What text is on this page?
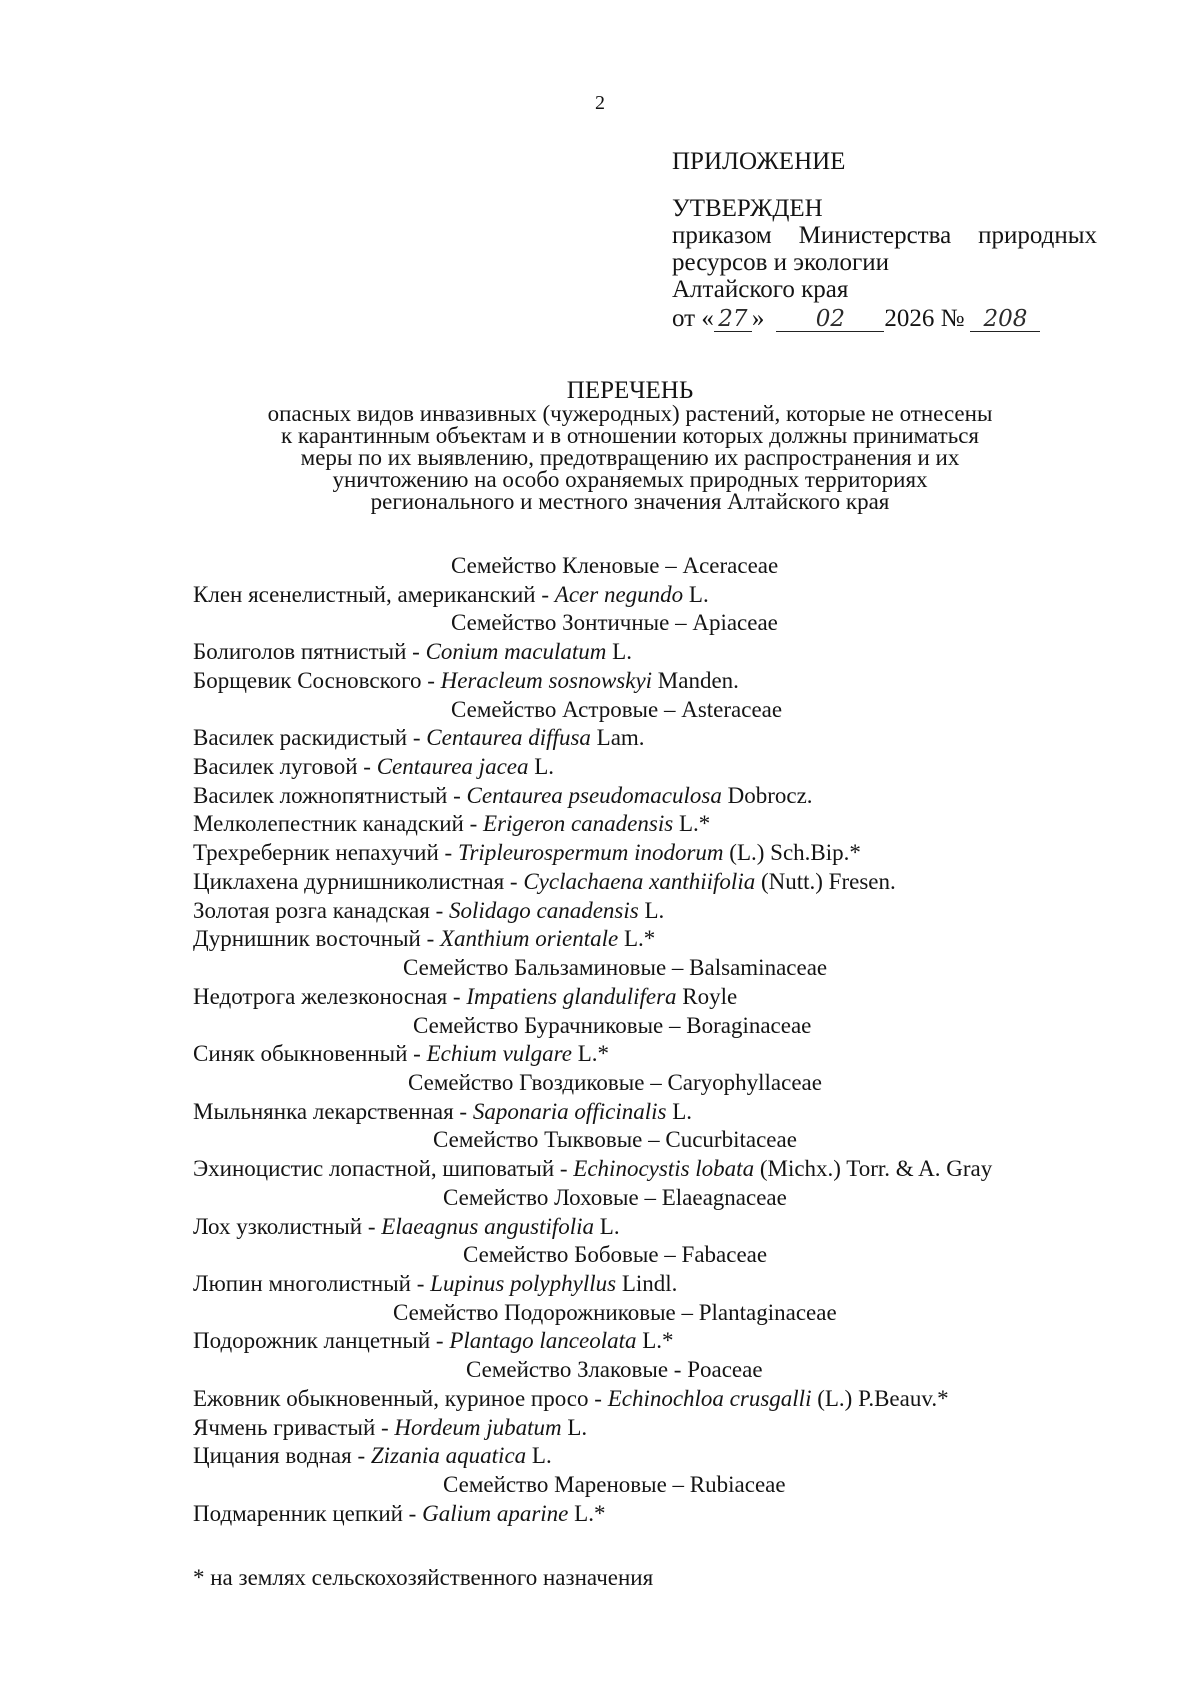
2
ПРИЛОЖЕНИЕ
УТВЕРЖДЕН
приказом Министерства природных
ресурсов и экологии
Алтайского края
от « 27 »	02	2026 № 208
ПЕРЕЧЕНЬ
опасных видов инвазивных (чужеродных) растений, которые не отнесены
к карантинным объектам и в отношении которых должны приниматься
меры по их выявлению, предотвращению их распространения и их
уничтожению на особо охраняемых природных территориях
регионального и местного значения Алтайского края
Семейство Кленовые – Aceraceae
Клен ясенелистный, американский - Acer negundo L.
Семейство Зонтичные – Apiaceae
Болиголов пятнистый - Conium maculatum L.
Борщевик Сосновского - Heracleum sosnowskyi Manden.
Семейство Астровые – Asteraceae
Василек раскидистый - Centaurea diffusa Lam.
Василек луговой - Centaurea jacea L.
Василек ложнопятнистый - Centaurea pseudomaculosa Dobrocz.
Мелколепестник канадский - Erigeron canadensis L.*
Трехреберник непахучий - Tripleurospermum inodorum (L.) Sch.Bip.*
Циклахена дурнишниколистная - Cyclachaena xanthiifolia (Nutt.) Fresen.
Золотая розга канадская - Solidago canadensis L.
Дурнишник восточный - Xanthium orientale L.*
Семейство Бальзаминовые – Balsaminaceae
Недотрога железконосная - Impatiens glandulifera Royle
Семейство Бурачниковые – Boraginaceae
Синяк обыкновенный - Echium vulgare L.*
Семейство Гвоздиковые – Caryophyllaceae
Мыльнянка лекарственная - Saponaria officinalis L.
Семейство Тыквовые – Cucurbitaceae
Эхиноцистис лопастной, шиповатый - Echinocystis lobata (Michx.) Torr. & A. Gray
Семейство Лоховые – Elaeagnaceae
Лох узколистный - Elaeagnus angustifolia L.
Семейство Бобовые – Fabaceae
Люпин многолистный - Lupinus polyphyllus Lindl.
Семейство Подорожниковые – Plantaginaceae
Подорожник ланцетный - Plantago lanceolata L.*
Семейство Злаковые - Poaceae
Ежовник обыкновенный, куриное просо - Echinochloa crusgalli (L.) P.Beauv.*
Ячмень гривастый - Hordeum jubatum L.
Цицания водная - Zizania aquatica L.
Семейство Мареновые – Rubiaceae
Подмаренник цепкий - Galium aparine L.*
* на землях сельскохозяйственного назначения
